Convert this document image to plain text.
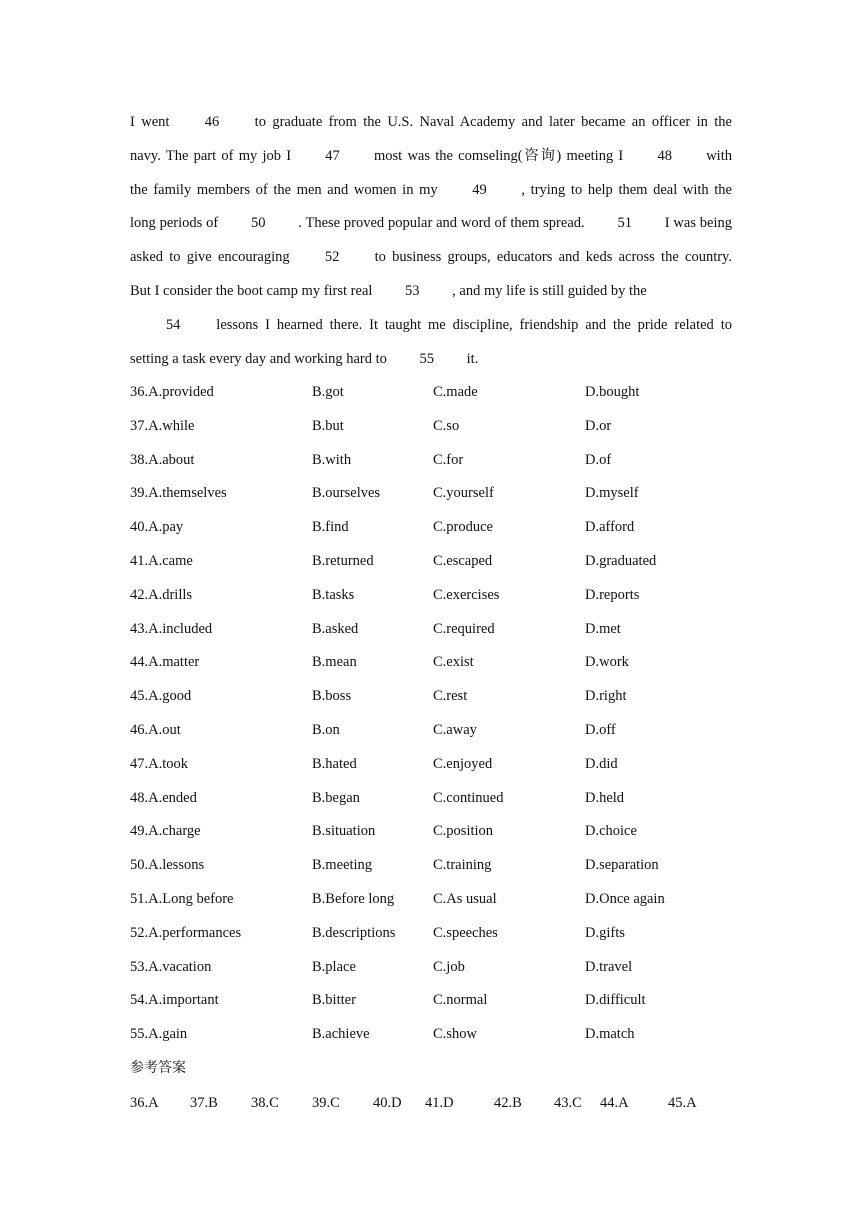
I went   46   to graduate from the U.S. Naval Academy and later became an officer in the
navy. The part of my job I   47   most was the comseling(咨询) meeting I   48   with
the family members of the men and women in my   49   , trying to help them deal with the
long periods of   50   . These proved popular and word of them spread.   51   I was being
asked to give encouraging   52   to business groups, educators and keds across the country.
But I consider the boot camp my first real   53   , and my life is still guided by the
   54   lessons I hearned there. It taught me discipline, friendship and the pride related to
setting a task every day and working hard to   55   it.
36.A.provided	B.got	C.made	D.bought
37.A.while	B.but	C.so	D.or
38.A.about	B.with	C.for	D.of
39.A.themselves	B.ourselves	C.yourself	D.myself
40.A.pay	B.find	C.produce	D.afford
41.A.came	B.returned	C.escaped	D.graduated
42.A.drills	B.tasks	C.exercises	D.reports
43.A.included	B.asked	C.required	D.met
44.A.matter	B.mean	C.exist	D.work
45.A.good	B.boss	C.rest	D.right
46.A.out	B.on	C.away	D.off
47.A.took	B.hated	C.enjoyed	D.did
48.A.ended	B.began	C.continued	D.held
49.A.charge	B.situation	C.position	D.choice
50.A.lessons	B.meeting	C.training	D.separation
51.A.Long before	B.Before long	C.As usual	D.Once again
52.A.performances	B.descriptions	C.speeches	D.gifts
53.A.vacation	B.place	C.job	D.travel
54.A.important	B.bitter	C.normal	D.difficult
55.A.gain	B.achieve	C.show	D.match
参考答案
36.A 37.B 38.C 39.C 40.D 41.D	42.B 43.C 44.A	45.A
